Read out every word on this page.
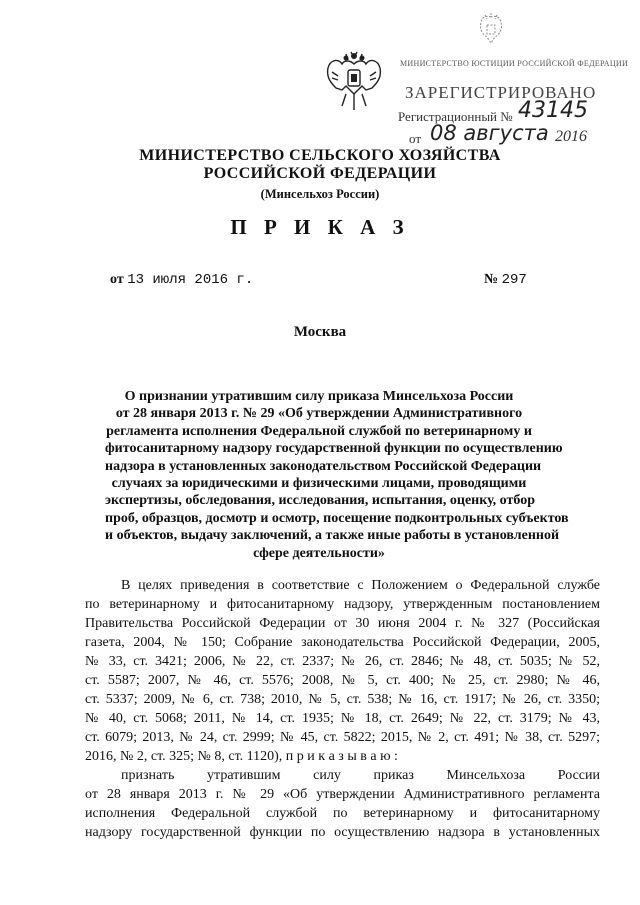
МИНИСТЕРСТВО ЮСТИЦИИ РОССИЙСКОЙ ФЕДЕРАЦИИ
ЗАРЕГИСТРИРОВАНО
Регистрационный № 43145
от 08 августа 2016
МИНИСТЕРСТВО СЕЛЬСКОГО ХОЗЯЙСТВА
РОССИЙСКОЙ ФЕДЕРАЦИИ
(Минсельхоз России)
П Р И К А З
от 13 июля 2016 г.	№ 297
Москва
О признании утратившим силу приказа Минсельхоза России
от 28 января 2013 г. № 29 «Об утверждении Административного
регламента исполнения Федеральной службой по ветеринарному и
фитосанитарному надзору государственной функции по осуществлению
надзора в установленных законодательством Российской Федерации
случаях за юридическими и физическими лицами, проводящими
экспертизы, обследования, исследования, испытания, оценку, отбор
проб, образцов, досмотр и осмотр, посещение подконтрольных субъектов
и объектов, выдачу заключений, а также иные работы в установленной
сфере деятельности»
В целях приведения в соответствие с Положением о Федеральной службе
по ветеринарному и фитосанитарному надзору, утвержденным постановлением
Правительства Российской Федерации от 30 июня 2004 г. № 327 (Российская
газета, 2004, № 150; Собрание законодательства Российской Федерации, 2005,
№ 33, ст. 3421; 2006, № 22, ст. 2337; № 26, ст. 2846; № 48, ст. 5035; № 52,
ст. 5587; 2007, № 46, ст. 5576; 2008, № 5, ст. 400; № 25, ст. 2980; № 46,
ст. 5337; 2009, № 6, ст. 738; 2010, № 5, ст. 538; № 16, ст. 1917; № 26, ст. 3350;
№ 40, ст. 5068; 2011, № 14, ст. 1935; № 18, ст. 2649; № 22, ст. 3179; № 43,
ст. 6079; 2013, № 24, ст. 2999; № 45, ст. 5822; 2015, № 2, ст. 491; № 38, ст. 5297;
2016, № 2, ст. 325; № 8, ст. 1120), п р и к а з ы в а ю :
признать утратившим силу приказ Минсельхоза России
от 28 января 2013 г. № 29 «Об утверждении Административного регламента
исполнения Федеральной службой по ветеринарному и фитосанитарному
надзору государственной функции по осуществлению надзора в установленных
